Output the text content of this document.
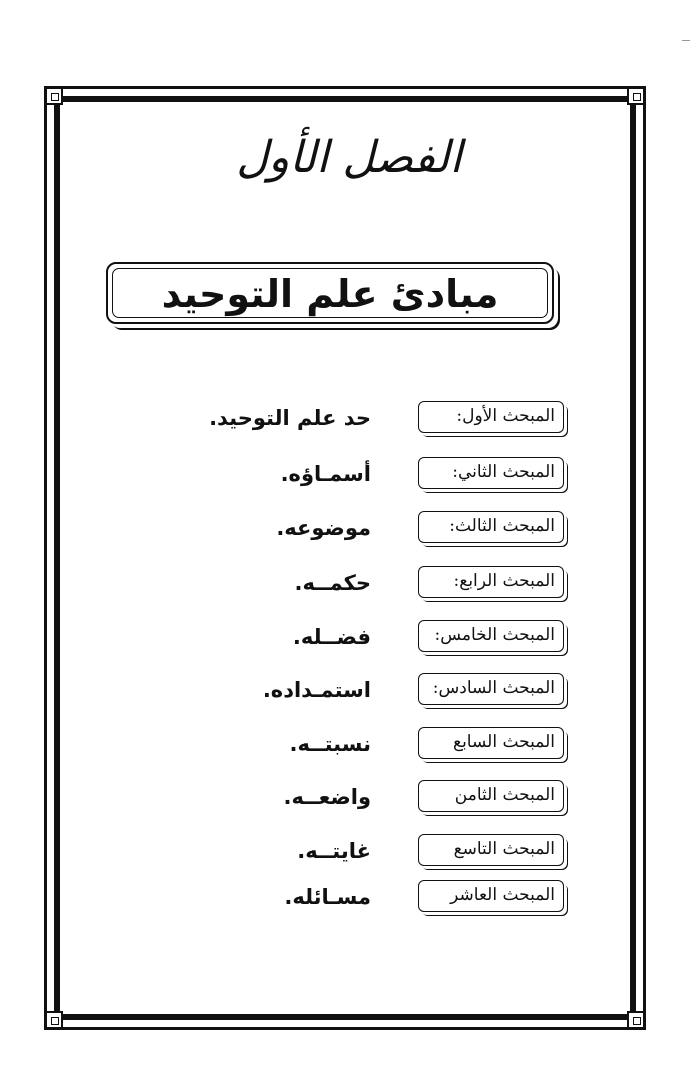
الفصل الأول
مبادئ علم التوحيد
المبحث الأول:
حد علم التوحيد.
المبحث الثاني:
أسمـاؤه.
المبحث الثالث:
موضوعه.
المبحث الرابع:
حكمــه.
المبحث الخامس:
فضــله.
المبحث السادس:
استمـداده.
المبحث السابع
نسبتــه.
المبحث الثامن
واضعــه.
المبحث التاسع
غايتــه.
المبحث العاشر
مسـائله.
